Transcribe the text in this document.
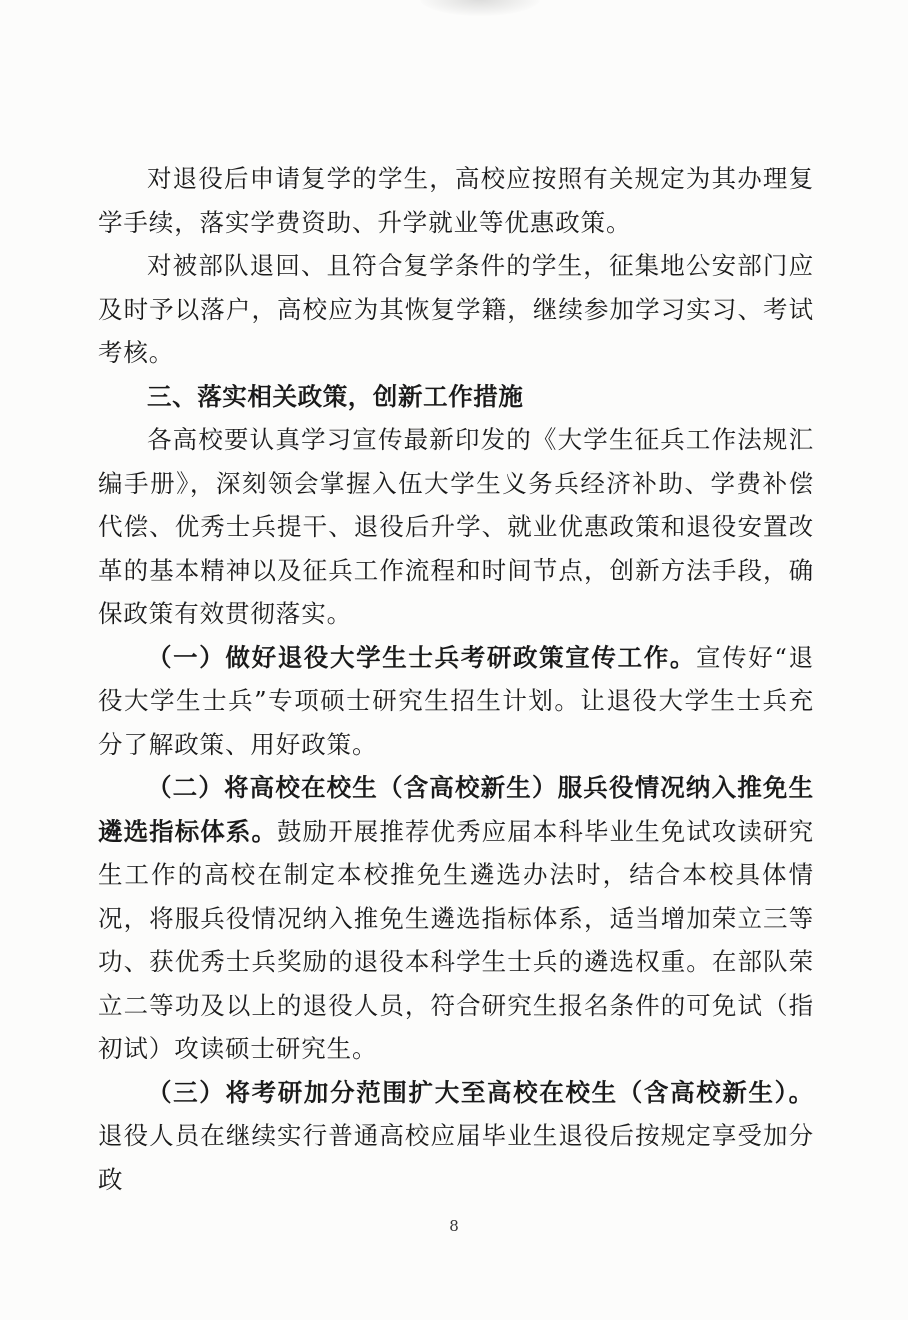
对退役后申请复学的学生，高校应按照有关规定为其办理复学手续，落实学费资助、升学就业等优惠政策。

对被部队退回、且符合复学条件的学生，征集地公安部门应及时予以落户，高校应为其恢复学籍，继续参加学习实习、考试考核。

三、落实相关政策，创新工作措施

各高校要认真学习宣传最新印发的《大学生征兵工作法规汇编手册》，深刻领会掌握入伍大学生义务兵经济补助、学费补偿代偿、优秀士兵提干、退役后升学、就业优惠政策和退役安置改革的基本精神以及征兵工作流程和时间节点，创新方法手段，确保政策有效贯彻落实。

（一）做好退役大学生士兵考研政策宣传工作。宣传好“退役大学生士兵”专项硕士研究生招生计划。让退役大学生士兵充分了解政策、用好政策。

（二）将高校在校生（含高校新生）服兵役情况纳入推免生遴选指标体系。鼓励开展推荐优秀应届本科毕业生免试攻读研究生工作的高校在制定本校推免生遴选办法时，结合本校具体情况，将服兵役情况纳入推免生遴选指标体系，适当增加荣立三等功、获优秀士兵奖励的退役本科学生士兵的遴选权重。在部队荣立二等功及以上的退役人员，符合研究生报名条件的可免试（指初试）攻读硕士研究生。

（三）将考研加分范围扩大至高校在校生（含高校新生）。退役人员在继续实行普通高校应届毕业生退役后按规定享受加分政

8
